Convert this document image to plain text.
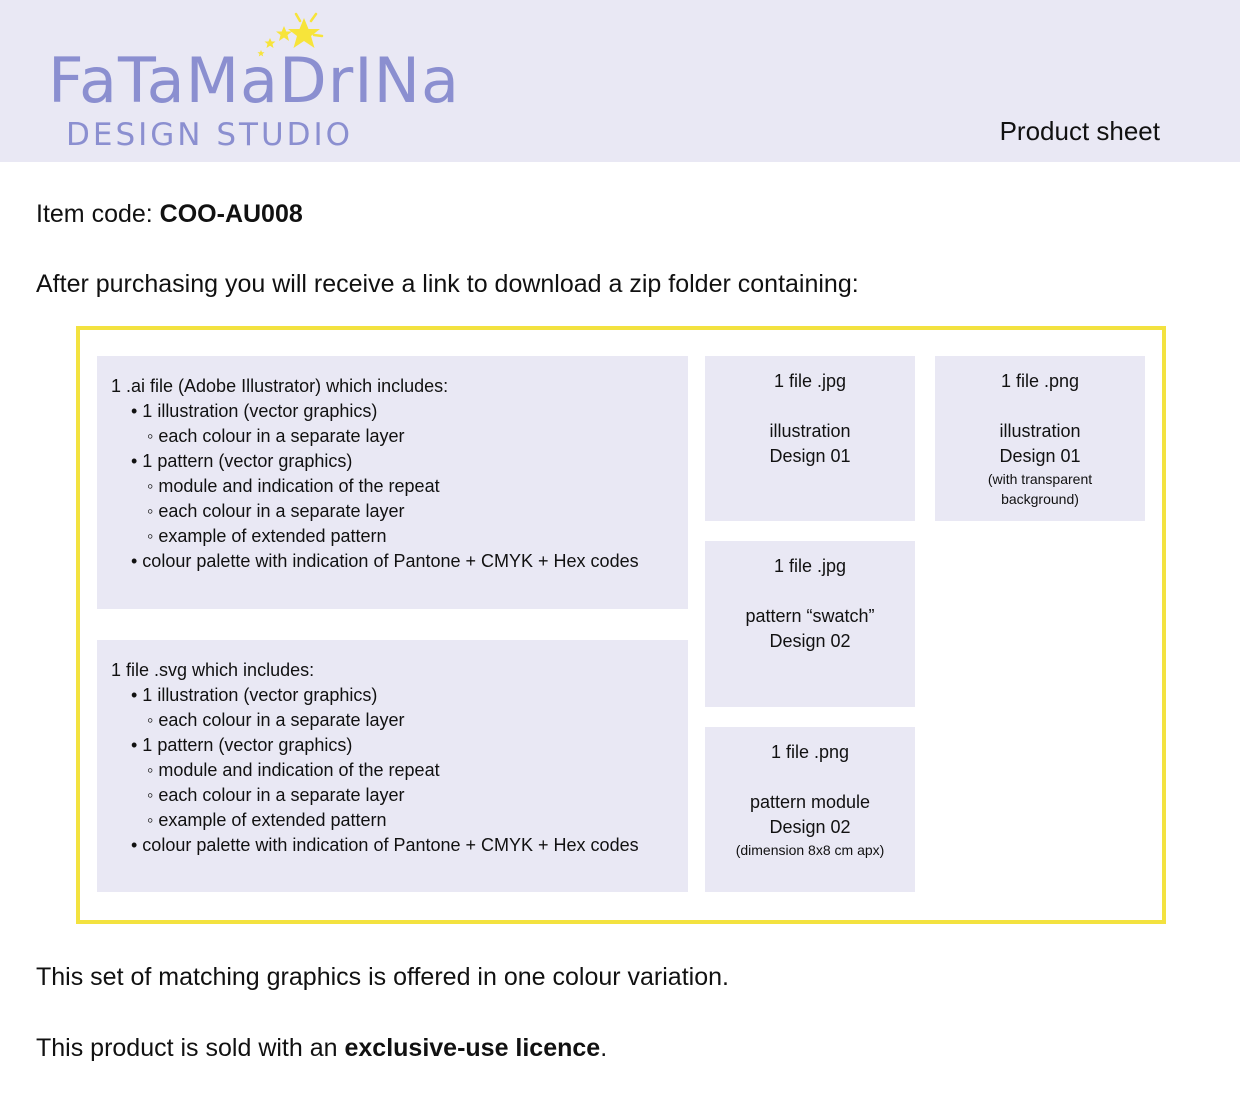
FaTaMaDrINa
DESIGN STUDIO	Product sheet
Item code: COO-AU008
After purchasing you will receive a link to download a zip folder containing:

1 .ai file (Adobe Illustrator) which includes:

• 1 illustration (vector graphics)
◦ each colour in a separate layer
• 1 pattern (vector graphics)
◦ module and indication of the repeat
◦ each colour in a separate layer
◦ example of extended pattern
• colour palette with indication of Pantone + CMYK + Hex codes

1 file .svg which includes:

• 1 illustration (vector graphics)
◦ each colour in a separate layer
• 1 pattern (vector graphics)
◦ module and indication of the repeat
◦ each colour in a separate layer
◦ example of extended pattern
• colour palette with indication of Pantone + CMYK + Hex codes
1 file .jpg
illustration
Design 01
1 file .png
illustration
Design 01
(with transparent
background)
1 file .jpg
pattern “swatch”
Design 02
1 file .png
pattern module
Design 02
(dimension 8x8 cm apx)
This set of matching graphics is offered in one colour variation.
This product is sold with an exclusive-use licence.
